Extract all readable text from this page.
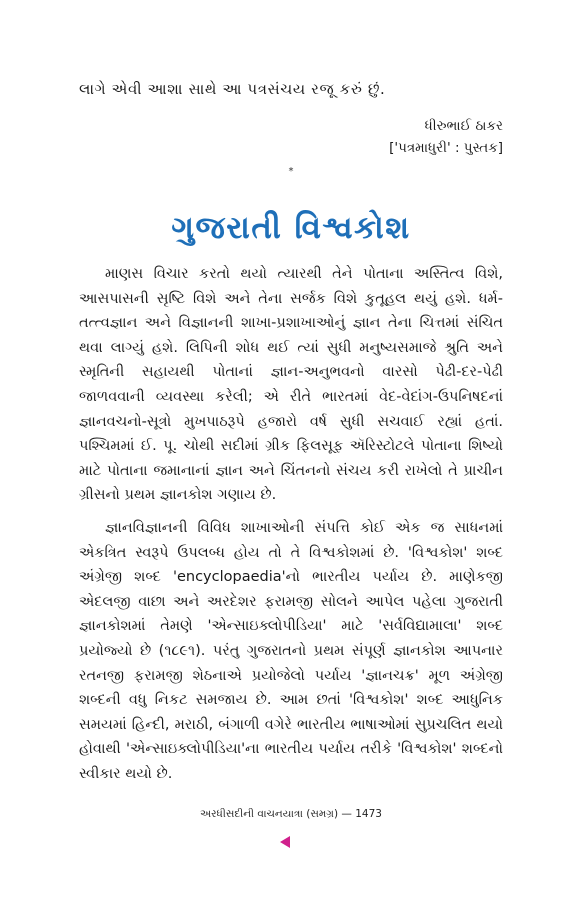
લાગે એવી આશા સાથે આ પત્રસંચય રજૂ કરું છું.
ધીરુભાઈ ઠાકર
['પત્રમાધુરી' : પુસ્તક]
*
ગુજરાતી વિશ્વકોશ

માણસ વિચાર કરતો થયો ત્યારથી તેને પોતાના અસ્તિત્વ વિશે, આસપાસની સૃષ્ટિ વિશે અને તેના સર્જક વિશે કુતૂહલ થયું હશે. ધર્મ-તત્ત્વજ્ઞાન અને વિજ્ઞાનની શાખા-પ્રશાખાઓનું જ્ઞાન તેના ચિત્તમાં સંચિત થવા લાગ્યું હશે. લિપિની શોધ થઈ ત્યાં સુધી મનુષ્યસમાજે શ્રુતિ અને સ્મૃતિની સહાયથી પોતાનાં જ્ઞાન-અનુભવનો વારસો પેઢી-દર-પેઢી જાળવવાની વ્યવસ્થા કરેલી; એ રીતે ભારતમાં વેદ-વેદાંગ-ઉપનિષદનાં જ્ઞાનવચનો-સૂત્રો મુખપાઠરૂપે હજારો વર્ષ સુધી સચવાઈ રહ્યાં હતાં. પશ્ચિમમાં ઈ. પૂ. ચોથી સદીમાં ગ્રીક ફિલસૂફ ઍરિસ્ટોટલે પોતાના શિષ્યો માટે પોતાના જમાનાનાં જ્ઞાન અને ચિંતનનો સંચય કરી રાખેલો તે પ્રાચીન ગ્રીસનો પ્રથમ જ્ઞાનકોશ ગણાય છે.

જ્ઞાનવિજ્ઞાનની વિવિધ શાખાઓની સંપત્તિ કોઈ એક જ સાધનમાં એકત્રિત સ્વરૂપે ઉપલબ્ધ હોય તો તે વિશ્વકોશમાં છે. 'વિશ્વકોશ' શબ્દ અંગ્રેજી શબ્દ 'encyclopaedia'નો ભારતીય પર્યાય છે. માણેકજી એદલજી વાછા અને અરદેશર ફરામજી સોલને આપેલ પહેલા ગુજરાતી જ્ઞાનકોશમાં તેમણે 'એન્સાઇક્લોપીડિયા' માટે 'સર્વવિદ્યામાલા' શબ્દ પ્રયોજ્યો છે (૧૮૯૧). પરંતુ ગુજરાતનો પ્રથમ સંપૂર્ણ જ્ઞાનકોશ આપનાર રતનજી ફરામજી શેઠનાએ પ્રયોજેલો પર્યાય 'જ્ઞાનચક્ર' મૂળ અંગ્રેજી શબ્દની વધુ નિકટ સમજાય છે. આમ છતાં 'વિશ્વકોશ' શબ્દ આધુનિક સમયમાં હિન્દી, મરાઠી, બંગાળી વગેરે ભારતીય ભાષાઓમાં સુપ્રચલિત થયો હોવાથી 'એન્સાઇક્લોપીડિયા'ના ભારતીય પર્યાય તરીકે 'વિશ્વકોશ' શબ્દનો સ્વીકાર થયો છે.

અરધીસદીની વાચનયાત્રા (સમગ્ર) — 1473
